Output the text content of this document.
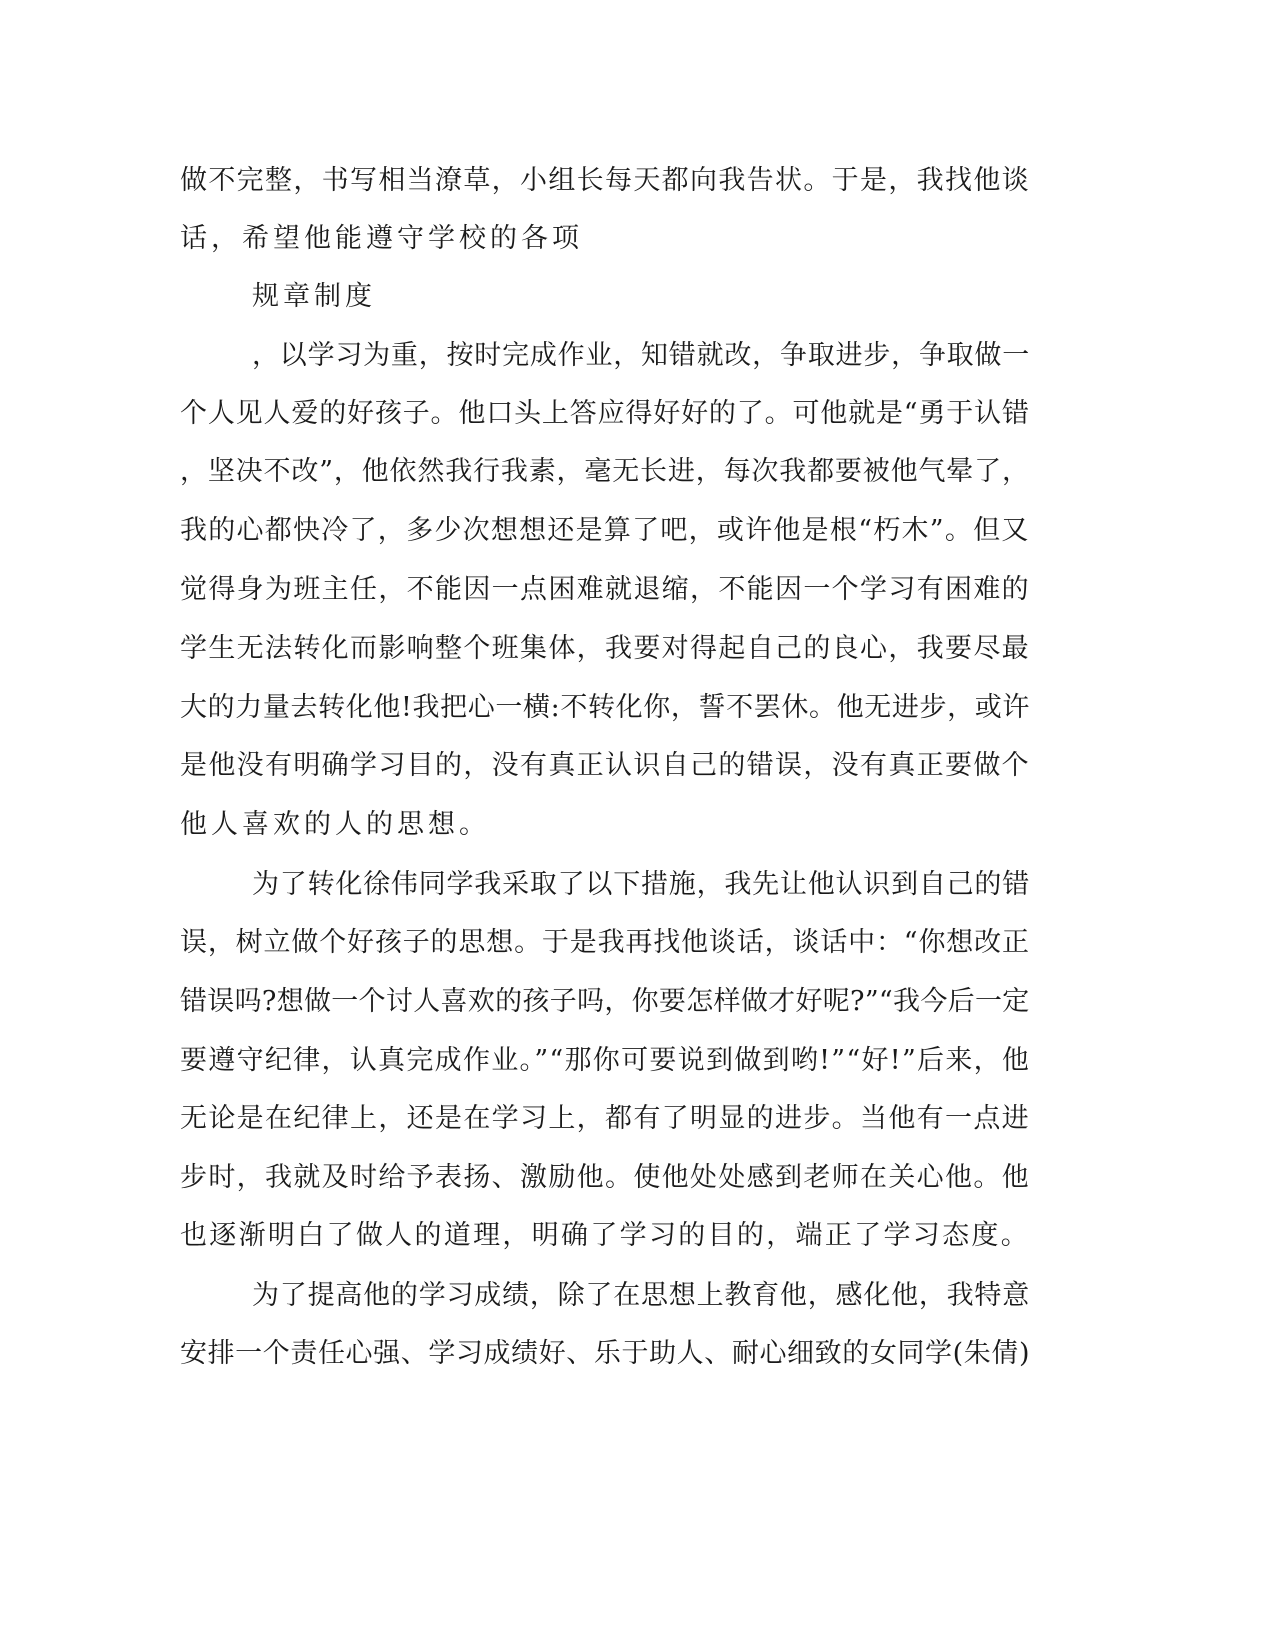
做不完整，书写相当潦草，小组长每天都向我告状。于是，我找他谈

话，希望他能遵守学校的各项

规章制度

，以学习为重，按时完成作业，知错就改，争取进步，争取做一

个人见人爱的好孩子。他口头上答应得好好的了。可他就是“勇于认错

，坚决不改”，他依然我行我素，毫无长进，每次我都要被他气晕了，

我的心都快冷了，多少次想想还是算了吧，或许他是根“朽木”。但又

觉得身为班主任，不能因一点困难就退缩，不能因一个学习有困难的

学生无法转化而影响整个班集体，我要对得起自己的良心，我要尽最

大的力量去转化他!我把心一横:不转化你，誓不罢休。他无进步，或许

是他没有明确学习目的，没有真正认识自己的错误，没有真正要做个

他人喜欢的人的思想。

为了转化徐伟同学我采取了以下措施，我先让他认识到自己的错

误，树立做个好孩子的思想。于是我再找他谈话，谈话中：“你想改正

错误吗?想做一个讨人喜欢的孩子吗，你要怎样做才好呢?”“我今后一定

要遵守纪律，认真完成作业。”“那你可要说到做到哟!”“好!”后来，他

无论是在纪律上，还是在学习上，都有了明显的进步。当他有一点进

步时，我就及时给予表扬、激励他。使他处处感到老师在关心他。他

也逐渐明白了做人的道理，明确了学习的目的，端正了学习态度。

为了提高他的学习成绩，除了在思想上教育他，感化他，我特意

安排一个责任心强、学习成绩好、乐于助人、耐心细致的女同学(朱倩)
